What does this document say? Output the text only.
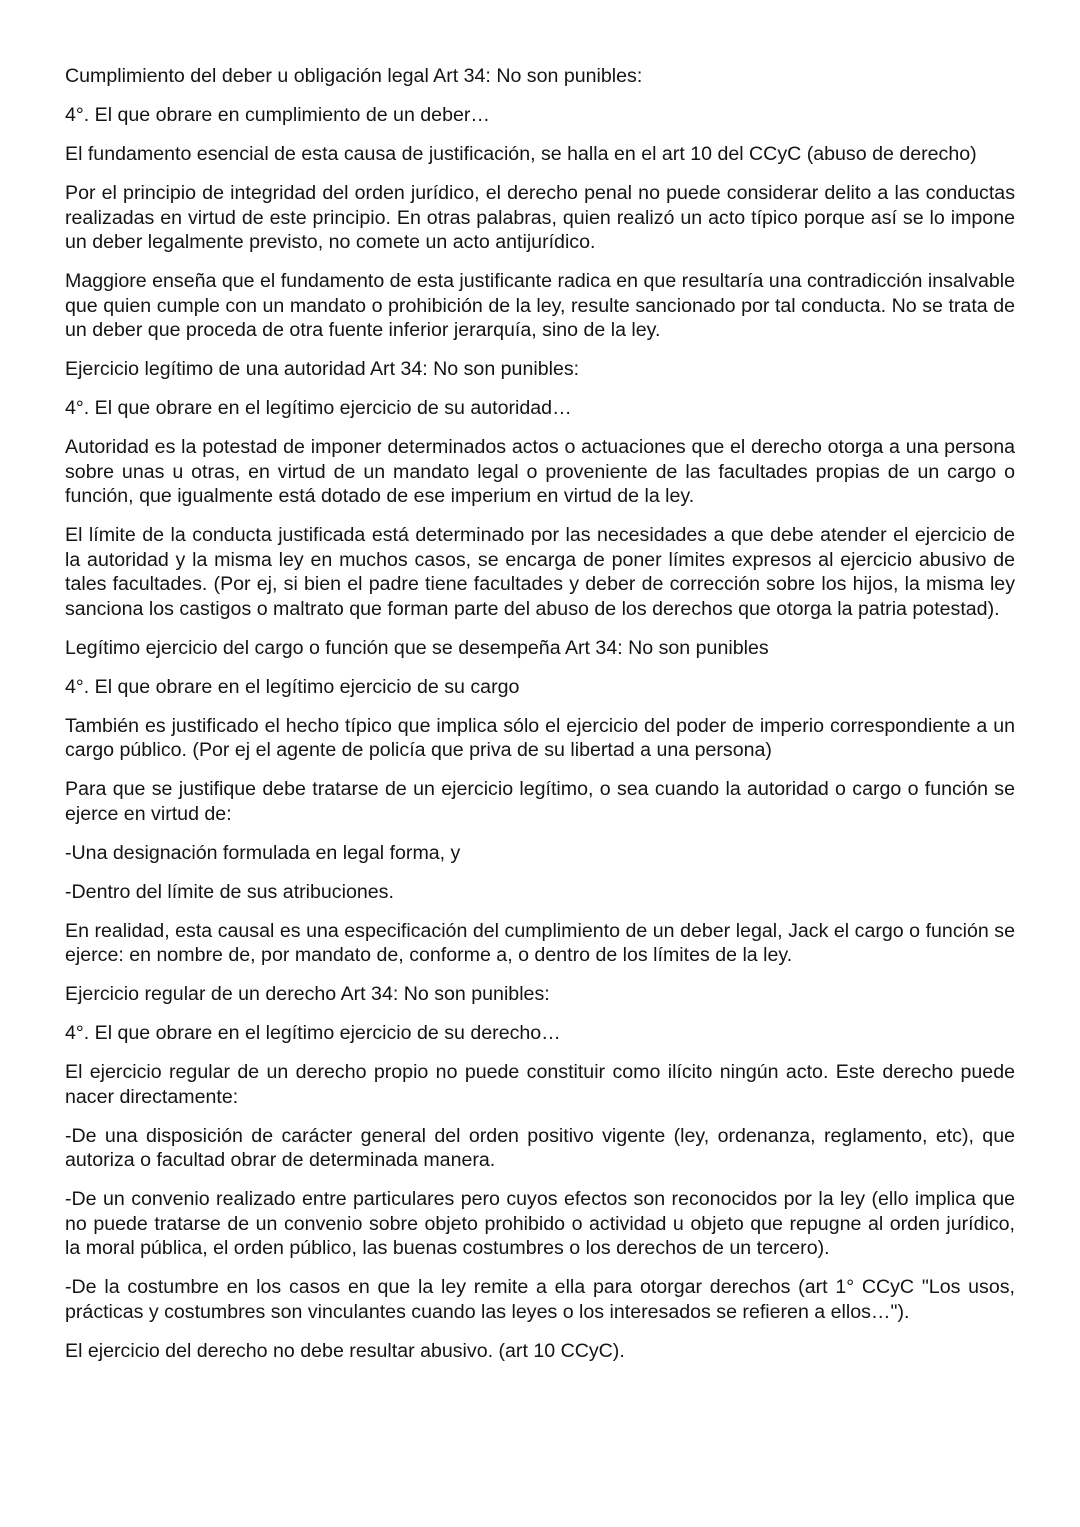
Cumplimiento del deber u obligación legal Art 34: No son punibles:

4°. El que obrare en cumplimiento de un deber…

El fundamento esencial de esta causa de justificación, se halla en el art 10 del CCyC (abuso de derecho)

Por el principio de integridad del orden jurídico, el derecho penal no puede considerar delito a las conductas realizadas en virtud de este principio. En otras palabras, quien realizó un acto típico porque así se lo impone un deber legalmente previsto, no comete un acto antijurídico.

Maggiore enseña que el fundamento de esta justificante radica en que resultaría una contradicción insalvable que quien cumple con un mandato o prohibición de la ley, resulte sancionado por tal conducta. No se trata de un deber que proceda de otra fuente inferior jerarquía, sino de la ley.

Ejercicio legítimo de una autoridad Art 34: No son punibles:

4°. El que obrare en el legítimo ejercicio de su autoridad…

Autoridad es la potestad de imponer determinados actos o actuaciones que el derecho otorga a una persona sobre unas u otras, en virtud de un mandato legal o proveniente de las facultades propias de un cargo o función, que igualmente está dotado de ese imperium en virtud de la ley.

El límite de la conducta justificada está determinado por las necesidades a que debe atender el ejercicio de la autoridad y la misma ley en muchos casos, se encarga de poner límites expresos al ejercicio abusivo de tales facultades. (Por ej, si bien el padre tiene facultades y deber de corrección sobre los hijos, la misma ley sanciona los castigos o maltrato que forman parte del abuso de los derechos que otorga la patria potestad).

Legítimo ejercicio del cargo o función que se desempeña Art 34: No son punibles

4°. El que obrare en el legítimo ejercicio de su cargo

También es justificado el hecho típico que implica sólo el ejercicio del poder de imperio correspondiente a un cargo público. (Por ej el agente de policía que priva de su libertad a una persona)

Para que se justifique debe tratarse de un ejercicio legítimo, o sea cuando la autoridad o cargo o función se ejerce en virtud de:

-Una designación formulada en legal forma, y

-Dentro del límite de sus atribuciones.

En realidad, esta causal es una especificación del cumplimiento de un deber legal, Jack el cargo o función se ejerce: en nombre de, por mandato de, conforme a, o dentro de los límites de la ley.

Ejercicio regular de un derecho Art 34: No son punibles:

4°. El que obrare en el legítimo ejercicio de su derecho…

El ejercicio regular de un derecho propio no puede constituir como ilícito ningún acto. Este derecho puede nacer directamente:

-De una disposición de carácter general del orden positivo vigente (ley, ordenanza, reglamento, etc), que autoriza o facultad obrar de determinada manera.

-De un convenio realizado entre particulares pero cuyos efectos son reconocidos por la ley (ello implica que no puede tratarse de un convenio sobre objeto prohibido o actividad u objeto que repugne al orden jurídico, la moral pública, el orden público, las buenas costumbres o los derechos de un tercero).

-De la costumbre en los casos en que la ley remite a ella para otorgar derechos (art 1° CCyC "Los usos, prácticas y costumbres son vinculantes cuando las leyes o los interesados se refieren a ellos…").

El ejercicio del derecho no debe resultar abusivo. (art 10 CCyC).
